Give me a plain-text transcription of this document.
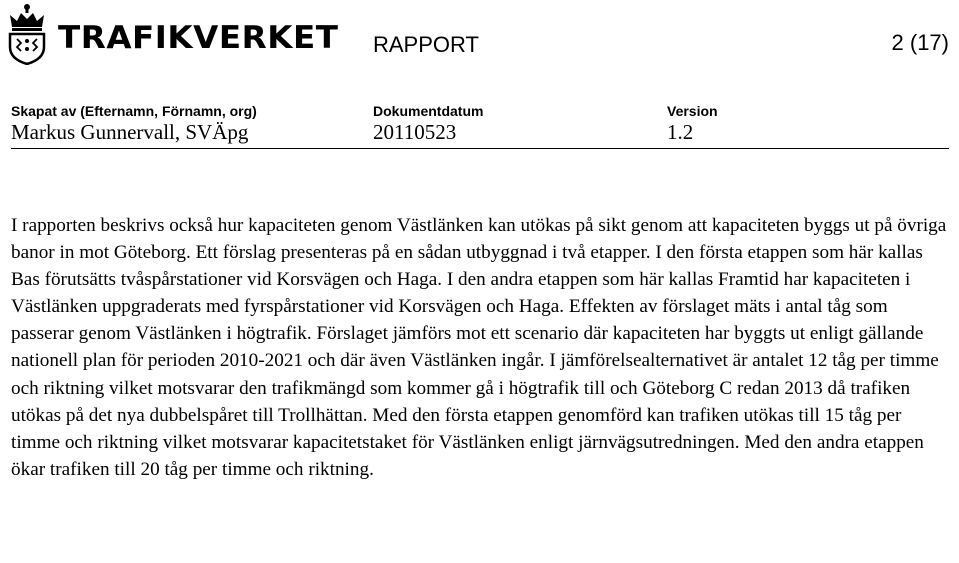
TRAFIKVERKET RAPPORT	2 (17)
Skapat av (Efternamn, Förnamn, org)
Markus Gunnervall, SVÄpg
Dokumentdatum
20110523
Version
1.2

I rapporten beskrivs också hur kapaciteten genom Västlänken kan utökas på sikt genom att kapaciteten byggs ut på övriga banor in mot Göteborg. Ett förslag presenteras på en sådan utbyggnad i två etapper. I den första etappen som här kallas Bas förutsätts tvåspårstationer vid Korsvägen och Haga. I den andra etappen som här kallas Framtid har kapaciteten i Västlänken uppgraderats med fyrspårstationer vid Korsvägen och Haga. Effekten av förslaget mäts i antal tåg som passerar genom Västlänken i högtrafik. Förslaget jämförs mot ett scenario där kapaciteten har byggts ut enligt gällande nationell plan för perioden 2010-2021 och där även Västlänken ingår. I jämförelsealternativet är antalet 12 tåg per timme och riktning vilket motsvarar den trafikmängd som kommer gå i högtrafik till och Göteborg C redan 2013 då trafiken utökas på det nya dubbelspåret till Trollhättan. Med den första etappen genomförd kan trafiken utökas till 15 tåg per timme och riktning vilket motsvarar kapacitetstaket för Västlänken enligt järnvägsutredningen. Med den andra etappen ökar trafiken till 20 tåg per timme och riktning.
